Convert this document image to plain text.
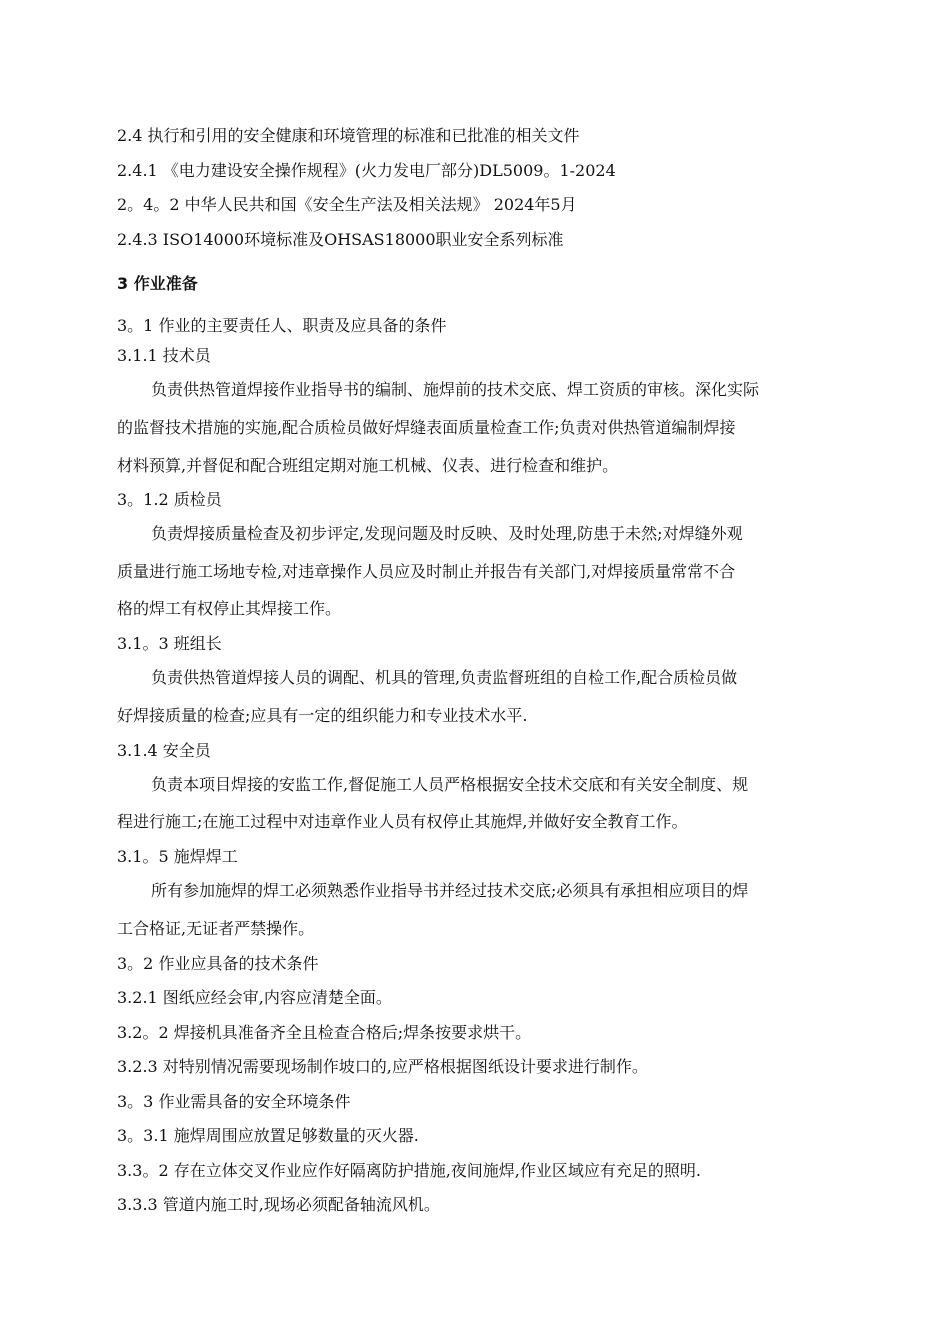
2.4 执行和引用的安全健康和环境管理的标准和已批准的相关文件
2.4.1 《电力建设安全操作规程》(火力发电厂部分)DL5009。1-2024
2。4。2 中华人民共和国《安全生产法及相关法规》 2024年5月
2.4.3 ISO14000环境标准及OHSAS18000职业安全系列标准
3 作业准备
3。1 作业的主要责任人、职责及应具备的条件
3.1.1 技术员
负责供热管道焊接作业指导书的编制、施焊前的技术交底、焊工资质的审核。深化实际
的监督技术措施的实施,配合质检员做好焊缝表面质量检查工作;负责对供热管道编制焊接
材料预算,并督促和配合班组定期对施工机械、仪表、进行检查和维护。
3。1.2 质检员
负责焊接质量检查及初步评定,发现问题及时反映、及时处理,防患于未然;对焊缝外观
质量进行施工场地专检,对违章操作人员应及时制止并报告有关部门,对焊接质量常常不合
格的焊工有权停止其焊接工作。
3.1。3 班组长
负责供热管道焊接人员的调配、机具的管理,负责监督班组的自检工作,配合质检员做
好焊接质量的检查;应具有一定的组织能力和专业技术水平.
3.1.4 安全员
负责本项目焊接的安监工作,督促施工人员严格根据安全技术交底和有关安全制度、规
程进行施工;在施工过程中对违章作业人员有权停止其施焊,并做好安全教育工作。
3.1。5 施焊焊工
所有参加施焊的焊工必须熟悉作业指导书并经过技术交底;必须具有承担相应项目的焊
工合格证,无证者严禁操作。
3。2 作业应具备的技术条件
3.2.1 图纸应经会审,内容应清楚全面。
3.2。2 焊接机具准备齐全且检查合格后;焊条按要求烘干。
3.2.3 对特别情况需要现场制作坡口的,应严格根据图纸设计要求进行制作。
3。3 作业需具备的安全环境条件
3。3.1 施焊周围应放置足够数量的灭火器.
3.3。2 存在立体交叉作业应作好隔离防护措施,夜间施焊,作业区域应有充足的照明.
3.3.3 管道内施工时,现场必须配备轴流风机。
